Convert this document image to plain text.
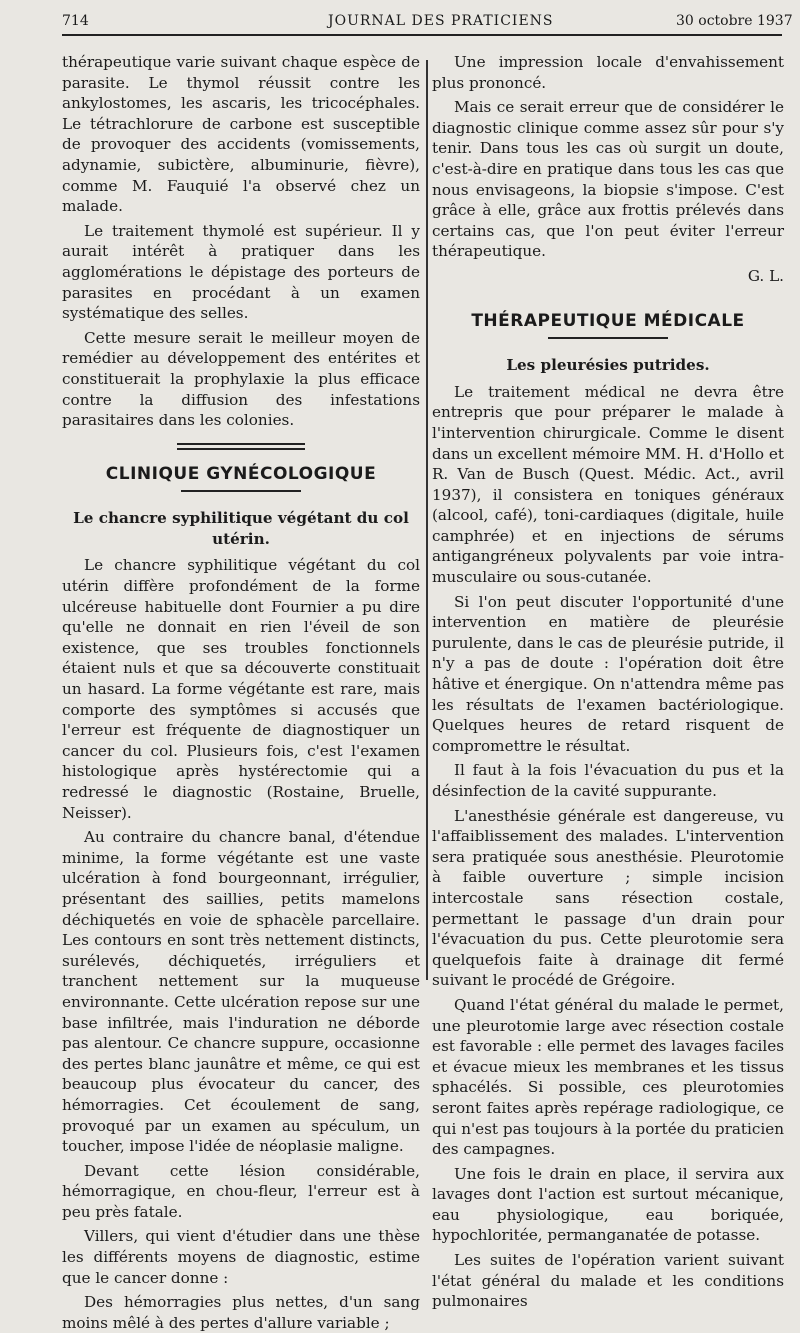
714	JOURNAL DES PRATICIENS	30 octobre 1937

thérapeutique varie suivant chaque espèce de parasite. Le thymol réussit contre les ankylostomes, les ascaris, les tricocéphales. Le tétrachlorure de carbone est susceptible de provoquer des accidents (vomissements, adynamie, subictère, albuminurie, fièvre), comme M. Fauquié l'a observé chez un malade.

Le traitement thymolé est supérieur. Il y aurait intérêt à pratiquer dans les agglomérations le dépistage des porteurs de parasites en procédant à un examen systématique des selles.

Cette mesure serait le meilleur moyen de remédier au développement des entérites et constituerait la prophylaxie la plus efficace contre la diffusion des infestations parasitaires dans les colonies.

CLINIQUE GYNÉCOLOGIQUE
Le chancre syphilitique végétant du col utérin.

Le chancre syphilitique végétant du col utérin diffère profondément de la forme ulcéreuse habituelle dont Fournier a pu dire qu'elle ne donnait en rien l'éveil de son existence, que ses troubles fonctionnels étaient nuls et que sa découverte constituait un hasard. La forme végétante est rare, mais comporte des symptômes si accusés que l'erreur est fréquente de diagnostiquer un cancer du col. Plusieurs fois, c'est l'examen histologique après hystérectomie qui a redressé le diagnostic (Rostaine, Bruelle, Neisser).

Au contraire du chancre banal, d'étendue minime, la forme végétante est une vaste ulcération à fond bourgeonnant, irrégulier, présentant des saillies, petits mamelons déchiquetés en voie de sphacèle parcellaire. Les contours en sont très nettement distincts, surélevés, déchiquetés, irréguliers et tranchent nettement sur la muqueuse environnante. Cette ulcération repose sur une base infiltrée, mais l'induration ne déborde pas alentour. Ce chancre suppure, occasionne des pertes blanc jaunâtre et même, ce qui est beaucoup plus évocateur du cancer, des hémorragies. Cet écoulement de sang, provoqué par un examen au spéculum, un toucher, impose l'idée de néoplasie maligne.

Devant cette lésion considérable, hémorragique, en chou-fleur, l'erreur est à peu près fatale.

Villers, qui vient d'étudier dans une thèse les différents moyens de diagnostic, estime que le cancer donne :

Des hémorragies plus nettes, d'un sang moins mêlé à des pertes d'allure variable ;

Une impression locale d'envahissement plus prononcé.

Mais ce serait erreur que de considérer le diagnostic clinique comme assez sûr pour s'y tenir. Dans tous les cas où surgit un doute, c'est-à-dire en pratique dans tous les cas que nous envisageons, la biopsie s'impose. C'est grâce à elle, grâce aux frottis prélevés dans certains cas, que l'on peut éviter l'erreur thérapeutique.

G. L.

THÉRAPEUTIQUE MÉDICALE
Les pleurésies putrides.

Le traitement médical ne devra être entrepris que pour préparer le malade à l'intervention chirurgicale. Comme le disent dans un excellent mémoire MM. H. d'Hollo et R. Van de Busch (Quest. Médic. Act., avril 1937), il consistera en toniques généraux (alcool, café), toni-cardiaques (digitale, huile camphrée) et en injections de sérums antigangréneux polyvalents par voie intra-musculaire ou sous-cutanée.

Si l'on peut discuter l'opportunité d'une intervention en matière de pleurésie purulente, dans le cas de pleurésie putride, il n'y a pas de doute : l'opération doit être hâtive et énergique. On n'attendra même pas les résultats de l'examen bactériologique. Quelques heures de retard risquent de compromettre le résultat.

Il faut à la fois l'évacuation du pus et la désinfection de la cavité suppurante.

L'anesthésie générale est dangereuse, vu l'affaiblissement des malades. L'intervention sera pratiquée sous anesthésie. Pleurotomie à faible ouverture ; simple incision intercostale sans résection costale, permettant le passage d'un drain pour l'évacuation du pus. Cette pleurotomie sera quelquefois faite à drainage dit fermé suivant le procédé de Grégoire.

Quand l'état général du malade le permet, une pleurotomie large avec résection costale est favorable : elle permet des lavages faciles et évacue mieux les membranes et les tissus sphacélés. Si possible, ces pleurotomies seront faites après repérage radiologique, ce qui n'est pas toujours à la portée du praticien des campagnes.

Une fois le drain en place, il servira aux lavages dont l'action est surtout mécanique, eau physiologique, eau boriquée, hypochloritée, permanganatée de potasse.

Les suites de l'opération varient suivant l'état général du malade et les conditions pulmonaires
